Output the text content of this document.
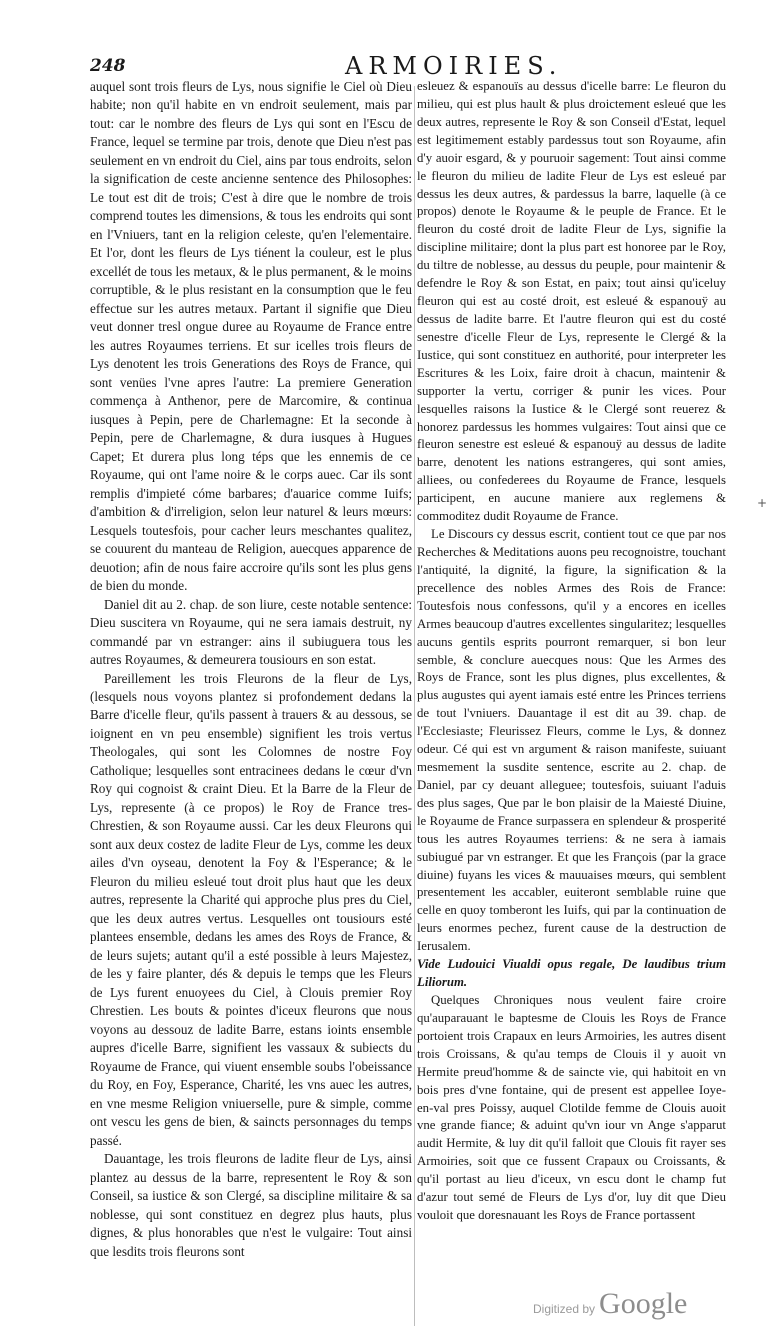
248	ARMOIRIES.

auquel sont trois fleurs de Lys, nous signifie le Ciel où Dieu habite; non qu'il habite en vn endroit seulement, mais par tout: car le nombre des fleurs de Lys qui sont en l'Escu de France, lequel se termine par trois, denote que Dieu n'est pas seulement en vn endroit du Ciel, ains par tous endroits, selon la signification de ceste ancienne sentence des Philosophes: Le tout est dit de trois; C'est à dire que le nombre de trois comprend toutes les dimensions, & tous les endroits qui sont en l'Vniuers, tant en la religion celeste, qu'en l'elementaire. Et l'or, dont les fleurs de Lys tiénent la couleur, est le plus excellét de tous les metaux, & le plus permanent, & le moins corruptible, & le plus resistant en la consumption que le feu effectue sur les autres metaux. Partant il signifie que Dieu veut donner tresl ongue duree au Royaume de France entre les autres Royaumes terriens. Et sur icelles trois fleurs de Lys denotent les trois Generations des Roys de France, qui sont venües l'vne apres l'autre: La premiere Generation commença à Anthenor, pere de Marcomire, & continua iusques à Pepin, pere de Charlemagne: Et la seconde à Pepin, pere de Charlemagne, & dura iusques à Hugues Capet; Et durera plus long téps que les ennemis de ce Royaume, qui ont l'ame noire & le corps auec. Car ils sont remplis d'impieté cóme barbares; d'auarice comme Iuifs; d'ambition & d'irreligion, selon leur naturel & leurs mœurs: Lesquels toutesfois, pour cacher leurs meschantes qualitez, se couurent du manteau de Religion, auecques apparence de deuotion; afin de nous faire accroire qu'ils sont les plus gens de bien du monde.

Daniel dit au 2. chap. de son liure, ceste notable sentence: Dieu suscitera vn Royaume, qui ne sera iamais destruit, ny commandé par vn estranger: ains il subiuguera tous les autres Royaumes, & demeurera tousiours en son estat.

Pareillement les trois Fleurons de la fleur de Lys, (lesquels nous voyons plantez si profondement dedans la Barre d'icelle fleur, qu'ils passent à trauers & au dessous, se ioignent en vn peu ensemble) signifient les trois vertus Theologales, qui sont les Colomnes de nostre Foy Catholique; lesquelles sont entracinees dedans le cœur d'vn Roy qui cognoist & craint Dieu. Et la Barre de la Fleur de Lys, represente (à ce propos) le Roy de France tres-Chrestien, & son Royaume aussi. Car les deux Fleurons qui sont aux deux costez de ladite Fleur de Lys, comme les deux ailes d'vn oyseau, denotent la Foy & l'Esperance; & le Fleuron du milieu esleué tout droit plus haut que les deux autres, represente la Charité qui approche plus pres du Ciel, que les deux autres vertus. Lesquelles ont tousiours esté plantees ensemble, dedans les ames des Roys de France, & de leurs sujets; autant qu'il a esté possible à leurs Majestez, de les y faire planter, dés & depuis le temps que les Fleurs de Lys furent enuoyees du Ciel, à Clouis premier Roy Chrestien. Les bouts & pointes d'iceux fleurons que nous voyons au dessouz de ladite Barre, estans ioints ensemble aupres d'icelle Barre, signifient les vassaux & subiects du Royaume de France, qui viuent ensemble soubs l'obeissance du Roy, en Foy, Esperance, Charité, les vns auec les autres, en vne mesme Religion vniuerselle, pure & simple, comme ont vescu les gens de bien, & saincts personnages du temps passé.

Dauantage, les trois fleurons de ladite fleur de Lys, ainsi plantez au dessus de la barre, representent le Roy & son Conseil, sa iustice & son Clergé, sa discipline militaire & sa noblesse, qui sont constituez en degrez plus hauts, plus dignes, & plus honorables que n'est le vulgaire: Tout ainsi que lesdits trois fleurons sont

esleuez & espanouïs au dessus d'icelle barre: Le fleuron du milieu, qui est plus hault & plus droictement esleué que les deux autres, represente le Roy & son Conseil d'Estat, lequel est legitimement estably pardessus tout son Royaume, afin d'y auoir esgard, & y pouruoir sagement: Tout ainsi comme le fleuron du milieu de ladite Fleur de Lys est esleué par dessus les deux autres, & pardessus la barre, laquelle (à ce propos) denote le Royaume & le peuple de France. Et le fleuron du costé droit de ladite Fleur de Lys, signifie la discipline militaire; dont la plus part est honoree par le Roy, du tiltre de noblesse, au dessus du peuple, pour maintenir & defendre le Roy & son Estat, en paix; tout ainsi qu'iceluy fleuron qui est au costé droit, est esleué & espanouÿ au dessus de ladite barre. Et l'autre fleuron qui est du costé senestre d'icelle Fleur de Lys, represente le Clergé & la Iustice, qui sont constituez en authorité, pour interpreter les Escritures & les Loix, faire droit à chacun, maintenir & supporter la vertu, corriger & punir les vices. Pour lesquelles raisons la Iustice & le Clergé sont reuerez & honorez pardessus les hommes vulgaires: Tout ainsi que ce fleuron senestre est esleué & espanouÿ au dessus de ladite barre, denotent les nations estrangeres, qui sont amies, alliees, ou confederees du Royaume de France, lesquels participent, en aucune maniere aux reglemens & commoditez dudit Royaume de France.

Le Discours cy dessus escrit, contient tout ce que par nos Recherches & Meditations auons peu recognoistre, touchant l'antiquité, la dignité, la figure, la signification & la precellence des nobles Armes des Rois de France: Toutesfois nous confessons, qu'il y a encores en icelles Armes beaucoup d'autres excellentes singularitez; lesquelles aucuns gentils esprits pourront remarquer, si bon leur semble, & conclure auecques nous: Que les Armes des Roys de France, sont les plus dignes, plus excellentes, & plus augustes qui ayent iamais esté entre les Princes terriens de tout l'vniuers. Dauantage il est dit au 39. chap. de l'Ecclesiaste; Fleurissez Fleurs, comme le Lys, & donnez odeur. Cé qui est vn argument & raison manifeste, suiuant mesmement la susdite sentence, escrite au 2. chap. de Daniel, par cy deuant alleguee; toutesfois, suiuant l'aduis des plus sages, Que par le bon plaisir de la Maiesté Diuine, le Royaume de France surpassera en splendeur & prosperité tous les autres Royaumes terriens: & ne sera à iamais subiugué par vn estranger. Et que les François (par la grace diuine) fuyans les vices & mauuaises mœurs, qui semblent presentement les accabler, euiteront semblable ruine que celle en quoy tomberont les Iuifs, qui par la continuation de leurs enormes pechez, furent cause de la destruction de Ierusalem.

Vide Ludouici Viualdi opus regale, De laudibus trium Liliorum.

Quelques Chroniques nous veulent faire croire qu'auparauant le baptesme de Clouis les Roys de France portoient trois Crapaux en leurs Armoiries, les autres disent trois Croissans, & qu'au temps de Clouis il y auoit vn Hermite preud'homme & de saincte vie, qui habitoit en vn bois pres d'vne fontaine, qui de present est appellee Ioye-en-val pres Poissy, auquel Clotilde femme de Clouis auoit vne grande fiance; & aduint qu'vn iour vn Ange s'apparut audit Hermite, & luy dit qu'il falloit que Clouis fit rayer ses Armoiries, soit que ce fussent Crapaux ou Croissants, & qu'il portast au lieu d'iceux, vn escu dont le champ fut d'azur tout semé de Fleurs de Lys d'or, luy dit que Dieu vouloit que doresnauant les Roys de France portassent

+
Digitized by Google
